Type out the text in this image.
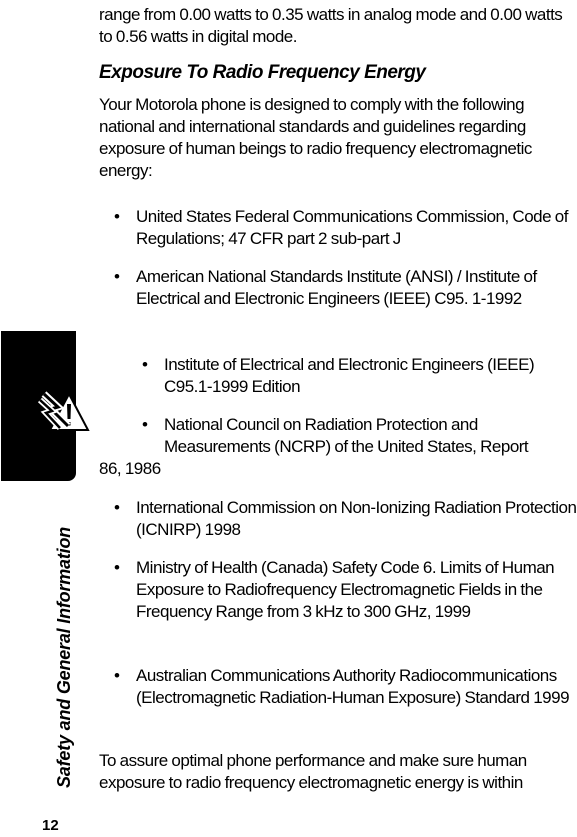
Safety and General Information
12

range from 0.00 watts to 0.35 watts in analog mode and 0.00 watts to 0.56 watts in digital mode.

Exposure To Radio Frequency Energy

Your Motorola phone is designed to comply with the following national and international standards and guidelines regarding exposure of human beings to radio frequency electromagnetic energy:

• United States Federal Communications Commission, Code of Regulations; 47 CFR part 2 sub-part J
• American National Standards Institute (ANSI) / Institute of Electrical and Electronic Engineers (IEEE) C95. 1-1992
• Institute of Electrical and Electronic Engineers (IEEE) C95.1-1999 Edition
• National Council on Radiation Protection and Measurements (NCRP) of the United States, Report
86, 1986
• International Commission on Non-Ionizing Radiation Protection (ICNIRP) 1998
• Ministry of Health (Canada) Safety Code 6. Limits of Human Exposure to Radiofrequency Electromagnetic Fields in the Frequency Range from 3 kHz to 300 GHz, 1999
• Australian Communications Authority Radiocommunications (Electromagnetic Radiation-Human Exposure) Standard 1999

To assure optimal phone performance and make sure human exposure to radio frequency electromagnetic energy is within
